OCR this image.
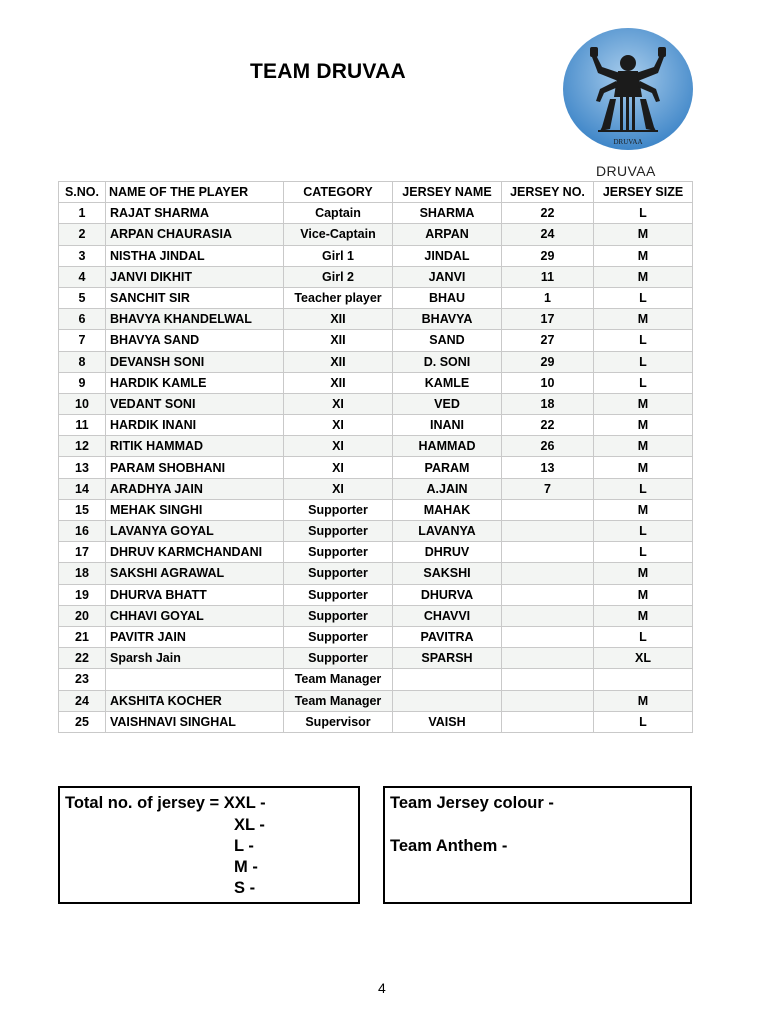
TEAM DRUVAA
DRUVAA
DRUVAA
S.NO.	NAME OF THE PLAYER	CATEGORY	JERSEY NAME	JERSEY NO.	JERSEY SIZE
1	RAJAT SHARMA	Captain	SHARMA	22	L
2	ARPAN CHAURASIA	Vice-Captain	ARPAN	24	M
3	NISTHA JINDAL	Girl 1	JINDAL	29	M
4	JANVI DIKHIT	Girl 2	JANVI	11	M
5	SANCHIT SIR	Teacher player	BHAU	1	L
6	BHAVYA KHANDELWAL	XII	BHAVYA	17	M
7	BHAVYA SAND	XII	SAND	27	L
8	DEVANSH SONI	XII	D. SONI	29	L
9	HARDIK KAMLE	XII	KAMLE	10	L
10	VEDANT SONI	XI	VED	18	M
11	HARDIK INANI	XI	INANI	22	M
12	RITIK HAMMAD	XI	HAMMAD	26	M
13	PARAM SHOBHANI	XI	PARAM	13	M
14	ARADHYA JAIN	XI	A.JAIN	7	L
15	MEHAK SINGHI	Supporter	MAHAK		M
16	LAVANYA GOYAL	Supporter	LAVANYA		L
17	DHRUV KARMCHANDANI	Supporter	DHRUV		L
18	SAKSHI AGRAWAL	Supporter	SAKSHI		M
19	DHURVA BHATT	Supporter	DHURVA		M
20	CHHAVI GOYAL	Supporter	CHAVVI		M
21	PAVITR JAIN	Supporter	PAVITRA		L
22	Sparsh Jain	Supporter	SPARSH		XL
23		Team Manager			
24	AKSHITA KOCHER	Team Manager			M
25	VAISHNAVI SINGHAL	Supervisor	VAISH		L
Total no. of jersey = XXL -
XL -
L -
M -
S -
Team Jersey colour -
Team Anthem -
4
